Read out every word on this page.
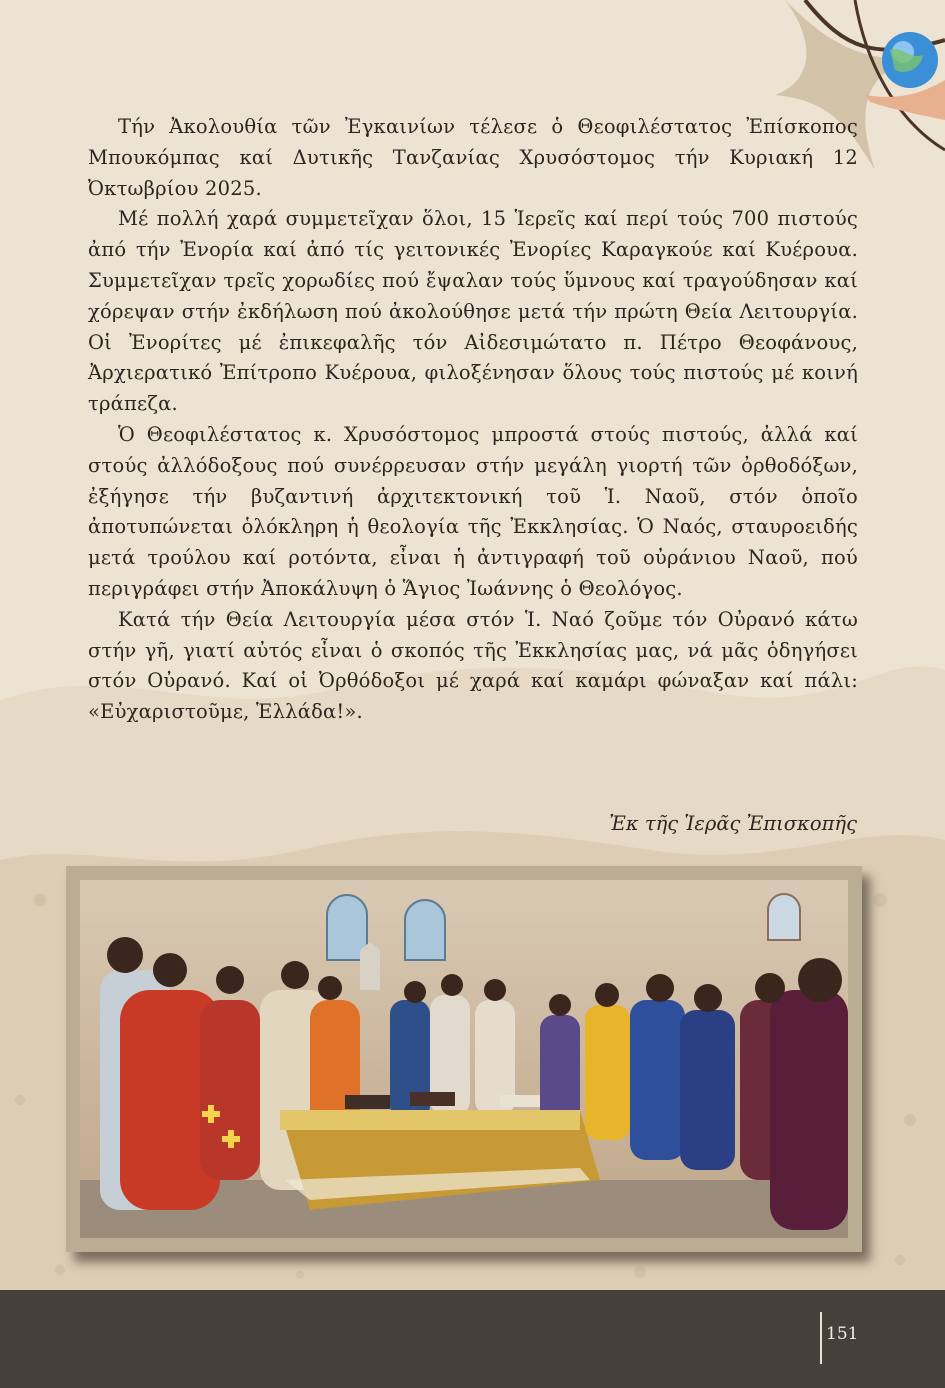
Τήν Ἀκολουθία τῶν Ἐγκαινίων τέλεσε ὁ Θεοφιλέστατος Ἐπίσκοπος Μπουκόμπας καί Δυτικῆς Τανζανίας Χρυσόστομος τήν Κυριακή 12 Ὀκτωβρίου 2025.

Μέ πολλή χαρά συμμετεῖχαν ὅλοι, 15 Ἱερεῖς καί περί τούς 700 πιστούς ἀπό τήν Ἐνορία καί ἀπό τίς γειτονικές Ἐνορίες Καραγκούε καί Κυέρουα. Συμμετεῖχαν τρεῖς χορωδίες πού ἔψαλαν τούς ὕμνους καί τραγούδησαν καί χόρεψαν στήν ἐκδήλωση πού ἀκολούθησε μετά τήν πρώτη Θεία Λειτουργία. Οἱ Ἐνορίτες μέ ἐπικεφαλῆς τόν Αἰδεσιμώτατο π. Πέτρο Θεοφάνους, Ἀρχιερατικό Ἐπίτροπο Κυέρουα, φιλοξένησαν ὅλους τούς πιστούς μέ κοινή τράπεζα.

Ὁ Θεοφιλέστατος κ. Χρυσόστομος μπροστά στούς πιστούς, ἀλλά καί στούς ἀλλόδοξους πού συνέρρευσαν στήν μεγάλη γιορτή τῶν ὀρθοδόξων, ἐξήγησε τήν βυζαντινή ἀρχιτεκτονική τοῦ Ἱ. Ναοῦ, στόν ὁποῖο ἀποτυπώνεται ὁλόκληρη ἡ θεολογία τῆς Ἐκκλησίας. Ὁ Ναός, σταυροειδής μετά τρούλου καί ροτόντα, εἶναι ἡ ἀντιγραφή τοῦ οὐράνιου Ναοῦ, πού περιγράφει στήν Ἀποκάλυψη ὁ Ἅγιος Ἰωάννης ὁ Θεολόγος.

Κατά τήν Θεία Λειτουργία μέσα στόν Ἱ. Ναό ζοῦμε τόν Οὐρανό κάτω στήν γῆ, γιατί αὐτός εἶναι ὁ σκοπός τῆς Ἐκκλησίας μας, νά μᾶς ὁδηγήσει στόν Οὐρανό. Καί οἱ Ὀρθόδοξοι μέ χαρά καί καμάρι φώναξαν καί πάλι: «Εὐχαριστοῦμε, Ἑλλάδα!».

Ἐκ τῆς Ἱερᾶς Ἐπισκοπῆς
151
